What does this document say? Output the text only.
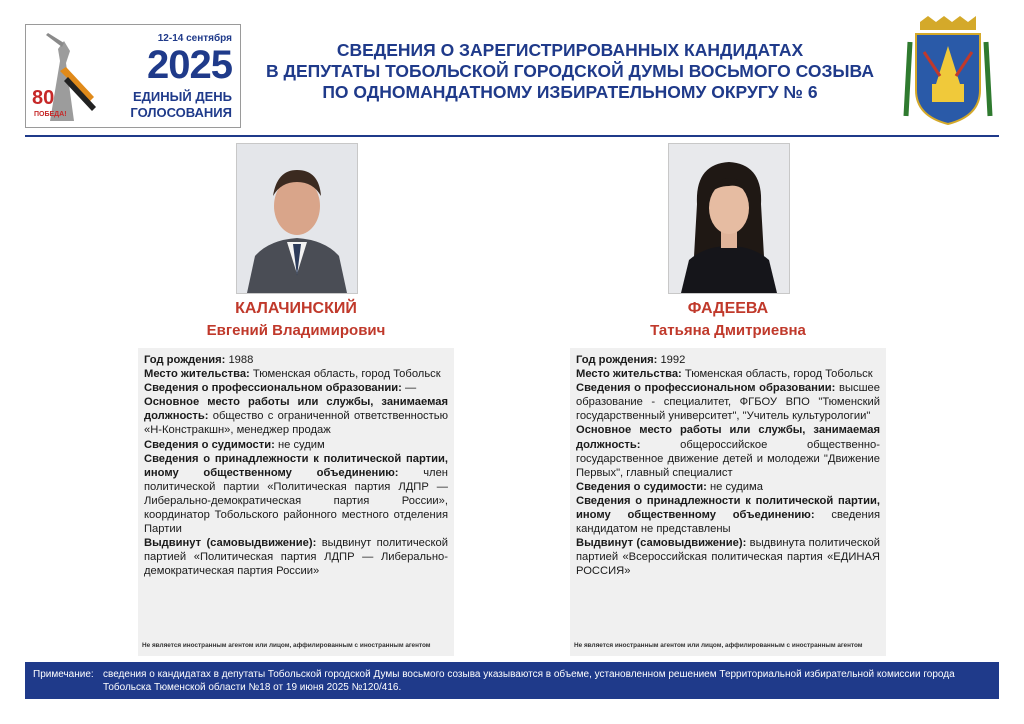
80
ПОБЕДА!
12-14 сентября
2025
ЕДИНЫЙ ДЕНЬ
ГОЛОСОВАНИЯ
СВЕДЕНИЯ О ЗАРЕГИСТРИРОВАННЫХ КАНДИДАТАХ
В ДЕПУТАТЫ ТОБОЛЬСКОЙ ГОРОДСКОЙ ДУМЫ ВОСЬМОГО СОЗЫВА
ПО ОДНОМАНДАТНОМУ ИЗБИРАТЕЛЬНОМУ ОКРУГУ № 6
КАЛАЧИНСКИЙ
Евгений Владимирович

Год рождения: 1988

Место жительства: Тюменская область, город Тобольск

Сведения о профессиональном образовании: —

Основное место работы или службы, занимаемая должность: общество с ограниченной ответственностью «Н-Констракшн», менеджер продаж

Сведения о судимости: не судим

Сведения о принадлежности к политической партии, иному общественному объединению: член политической партии «Политическая партия ЛДПР — Либерально-демократическая партия России», координатор Тобольского районного местного отделения Партии

Выдвинут (самовыдвижение): выдвинут политической партией «Политическая партия ЛДПР — Либерально-демократическая партия России»

Не является иностранным агентом или лицом, аффилированным с иностранным агентом
ФАДЕЕВА
Татьяна Дмитриевна

Год рождения: 1992

Место жительства: Тюменская область, город Тобольск

Сведения о профессиональном образовании: высшее образование - специалитет, ФГБОУ ВПО "Тюменский государственный университет", "Учитель культурологии"

Основное место работы или службы, занимаемая должность: общероссийское общественно-государственное движение детей и молодежи "Движение Первых", главный специалист

Сведения о судимости: не судима

Сведения о принадлежности к политической партии, иному общественному объединению: сведения кандидатом не представлены

Выдвинут (самовыдвижение): выдвинута политической партией «Всероссийская политическая партия «ЕДИНАЯ РОССИЯ»

Не является иностранным агентом или лицом, аффилированным с иностранным агентом
Примечание: сведения о кандидатах в депутаты Тобольской городской Думы восьмого созыва указываются в объеме, установленном решением Территориальной избирательной комиссии города Тобольска Тюменской области №18 от 19 июня 2025 №120/416.
